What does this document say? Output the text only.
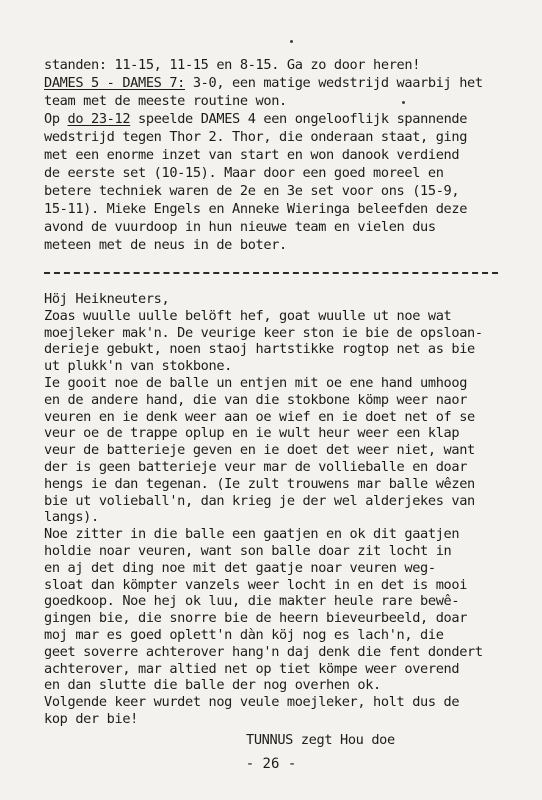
standen: 11-15, 11-15 en 8-15. Ga zo door heren!
DAMES 5 - DAMES 7: 3-0, een matige wedstrijd waarbij het
team met de meeste routine won.
Op do 23-12 speelde DAMES 4 een ongelooflijk spannende
wedstrijd tegen Thor 2. Thor, die onderaan staat, ging
met een enorme inzet van start en won danook verdiend
de eerste set (10-15). Maar door een goed moreel en
betere techniek waren de 2e en 3e set voor ons (15-9,
15-11). Mieke Engels en Anneke Wieringa beleefden deze
avond de vuurdoop in hun nieuwe team en vielen dus
meteen met de neus in de boter.
TUNNUS zegt Hou doe
- 26 -
Höj Heikneuters,
Zoas wuulle uulle belöft hef, goat wuulle ut noe wat
moejleker mak'n. De veurige keer ston ie bie de opsloan-
derieje gebukt, noen staoj hartstikke rogtop net as bie
ut plukk'n van stokbone.
Ie gooit noe de balle un entjen mit oe ene hand umhoog
en de andere hand, die van die stokbone kömp weer naor
veuren en ie denk weer aan oe wief en ie doet net of se
veur oe de trappe oplup en ie wult heur weer een klap
veur de batterieje geven en ie doet det weer niet, want
der is geen batterieje veur mar de vollieballe en doar
hengs ie dan tegenan. (Ie zult trouwens mar balle wêzen
bie ut volieball'n, dan krieg je der wel alderjekes van
langs).
Noe zitter in die balle een gaatjen en ok dit gaatjen
holdie noar veuren, want son balle doar zit locht in
en aj det ding noe mit det gaatje noar veuren weg-
sloat dan kömpter vanzels weer locht in en det is mooi
goedkoop. Noe hej ok luu, die makter heule rare bewê-
gingen bie, die snorre bie de heern bieveurbeeld, doar
moj mar es goed oplett'n dàn köj nog es lach'n, die
geet soverre achterover hang'n daj denk die fent dondert
achterover, mar altied net op tiet kömpe weer overend
en dan slutte die balle der nog overhen ok.
Volgende keer wurdet nog veule moejleker, holt dus de
kop der bie!
